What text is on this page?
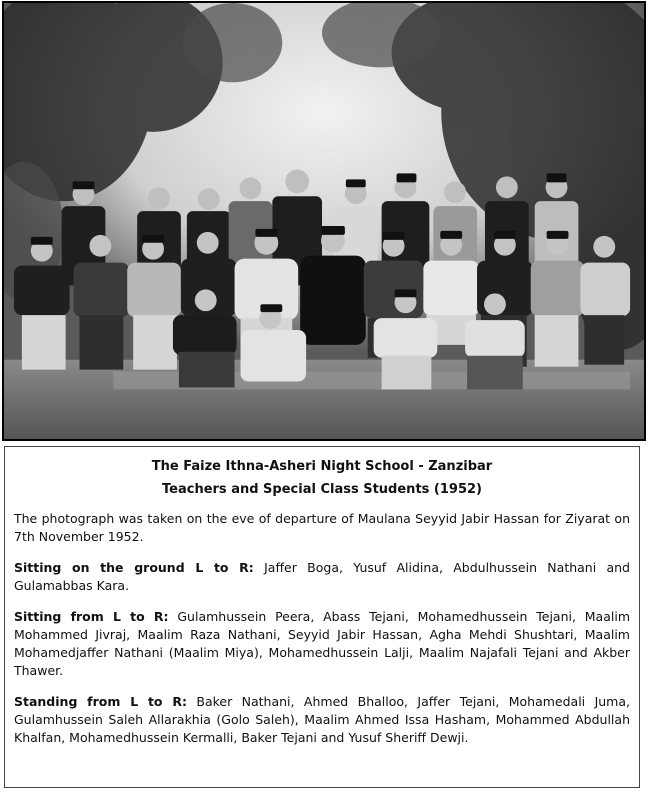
The Faize Ithna-Asheri Night School - Zanzibar

Teachers and Special Class Students (1952)

The photograph was taken on the eve of departure of Maulana Seyyid Jabir Hassan for Ziyarat on 7th November 1952.

Sitting on the ground L to R: Jaffer Boga, Yusuf Alidina, Abdulhussein Nathani and Gulamabbas Kara.

Sitting from L to R: Gulamhussein Peera, Abass Tejani, Mohamedhussein Tejani, Maalim Mohammed Jivraj, Maalim Raza Nathani, Seyyid Jabir Hassan, Agha Mehdi Shushtari, Maalim Mohamedjaffer Nathani (Maalim Miya), Mohamedhussein Lalji, Maalim Najafali Tejani and Akber Thawer.

Standing from L to R: Baker Nathani, Ahmed Bhalloo, Jaffer Tejani, Mohamedali Juma, Gulamhussein Saleh Allarakhia (Golo Saleh), Maalim Ahmed Issa Hasham, Mohammed Abdullah Khalfan, Mohamedhussein Kermalli, Baker Tejani and Yusuf Sheriff Dewji.
